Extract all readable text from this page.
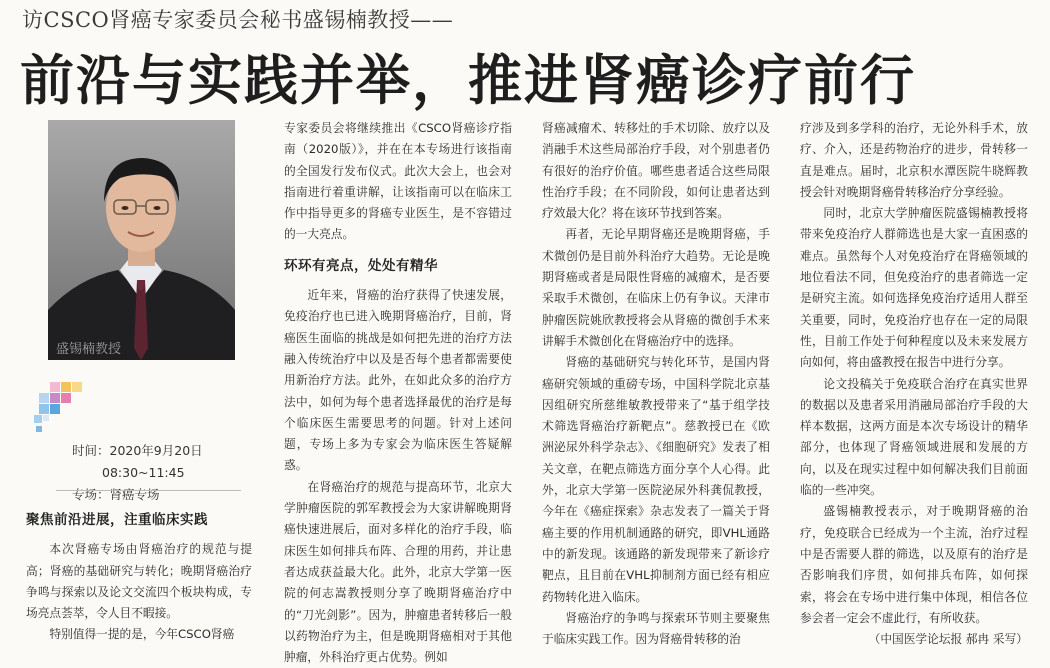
访CSCO肾癌专家委员会秘书盛锡楠教授——
前沿与实践并举，推进肾癌诊疗前行
盛锡楠教授
时间：2020年9月20日
08:30~11:45
专场：肾癌专场
聚焦前沿进展，注重临床实践

本次肾癌专场由肾癌治疗的规范与提高；肾癌的基础研究与转化；晚期肾癌治疗争鸣与探索以及论文交流四个板块构成，专场亮点荟萃，令人目不暇接。

特别值得一提的是，今年CSCO肾癌

专家委员会将继续推出《CSCO肾癌诊疗指南（2020版）》，并在在本专场进行该指南的全国发行发布仪式。此次大会上，也会对指南进行着重讲解，让该指南可以在临床工作中指导更多的肾癌专业医生，是不容错过的一大亮点。

环环有亮点，处处有精华

近年来，肾癌的治疗获得了快速发展，免疫治疗也已进入晚期肾癌治疗，目前，肾癌医生面临的挑战是如何把先进的治疗方法融入传统治疗中以及是否每个患者都需要使用新治疗方法。此外，在如此众多的治疗方法中，如何为每个患者选择最优的治疗是每个临床医生需要思考的问题。针对上述问题，专场上多为专家会为临床医生答疑解惑。

在肾癌治疗的规范与提高环节，北京大学肿瘤医院的郭军教授会为大家讲解晚期肾癌快速进展后，面对多样化的治疗手段，临床医生如何排兵布阵、合理的用药，并让患者达成获益最大化。此外，北京大学第一医院的何志嵩教授则分享了晚期肾癌治疗中的“刀光剑影”。因为，肿瘤患者转移后一般以药物治疗为主，但是晚期肾癌相对于其他肿瘤，外科治疗更占优势。例如

肾癌减瘤术、转移灶的手术切除、放疗以及消融手术这些局部治疗手段，对个别患者仍有很好的治疗价值。哪些患者适合这些局限性治疗手段；在不同阶段，如何让患者达到疗效最大化？将在该环节找到答案。

再者，无论早期肾癌还是晚期肾癌，手术微创仍是目前外科治疗大趋势。无论是晚期肾癌或者是局限性肾癌的减瘤术，是否要采取手术微创，在临床上仍有争议。天津市肿瘤医院姚欣教授将会从肾癌的微创手术来讲解手术微创化在肾癌治疗中的选择。

肾癌的基础研究与转化环节，是国内肾癌研究领域的重磅专场，中国科学院北京基因组研究所慈维敏教授带来了“基于组学技术筛选肾癌治疗新靶点”。慈教授已在《欧洲泌尿外科学杂志》、《细胞研究》发表了相关文章，在靶点筛选方面分享个人心得。此外，北京大学第一医院泌尿外科龚侃教授，今年在《癌症探索》杂志发表了一篇关于肾癌主要的作用机制通路的研究，即VHL通路中的新发现。该通路的新发现带来了新诊疗靶点，且目前在VHL抑制剂方面已经有相应药物转化进入临床。

肾癌治疗的争鸣与探索环节则主要聚焦于临床实践工作。因为肾癌骨转移的治

疗涉及到多学科的治疗，无论外科手术，放疗、介入，还是药物治疗的进步，骨转移一直是难点。届时，北京积水潭医院牛晓辉教授会针对晚期肾癌骨转移治疗分享经验。

同时，北京大学肿瘤医院盛锡楠教授将带来免疫治疗人群筛选也是大家一直困惑的难点。虽然每个人对免疫治疗在肾癌领域的地位看法不同，但免疫治疗的患者筛选一定是研究主流。如何选择免疫治疗适用人群至关重要，同时，免疫治疗也存在一定的局限性，目前工作处于何种程度以及未来发展方向如何，将由盛教授在报告中进行分享。

论文投稿关于免疫联合治疗在真实世界的数据以及患者采用消融局部治疗手段的大样本数据，这两方面是本次专场设计的精华部分，也体现了肾癌领域进展和发展的方向，以及在现实过程中如何解决我们目前面临的一些冲突。

盛锡楠教授表示，对于晚期肾癌的治疗，免疫联合已经成为一个主流，治疗过程中是否需要人群的筛选，以及原有的治疗是否影响我们序贯，如何排兵布阵，如何探索，将会在专场中进行集中体现，相信各位参会者一定会不虚此行，有所收获。

（中国医学论坛报 郝冉 采写）
